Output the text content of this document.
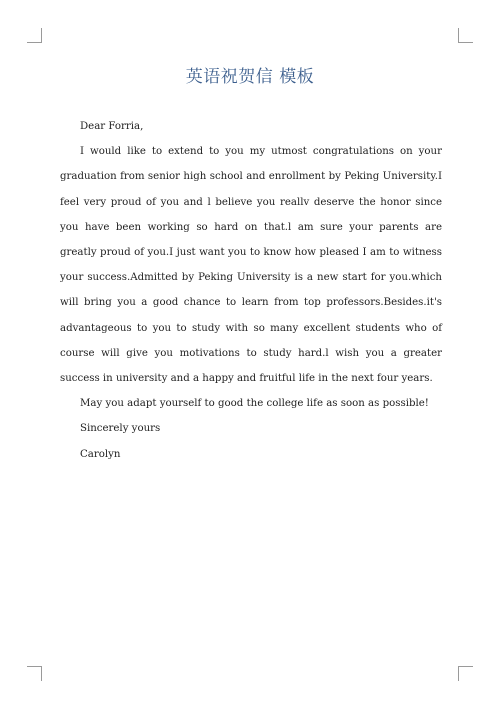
英语祝贺信 模板

Dear Forria,

I would like to extend to you my utmost congratulations on your graduation from senior high school and enrollment by Peking University.I feel very proud of you and l believe you reallv deserve the honor since you have been working so hard on that.l am sure your parents are greatly proud of you.I just want you to know how pleased I am to witness your success.Admitted by Peking University is a new start for you.which will bring you a good chance to learn from top professors.Besides.it's advantageous to you to study with so many excellent students who of course will give you motivations to study hard.l wish you a greater success in university and a happy and fruitful life in the next four years.

May you adapt yourself to good the college life as soon as possible!

Sincerely yours

Carolyn
